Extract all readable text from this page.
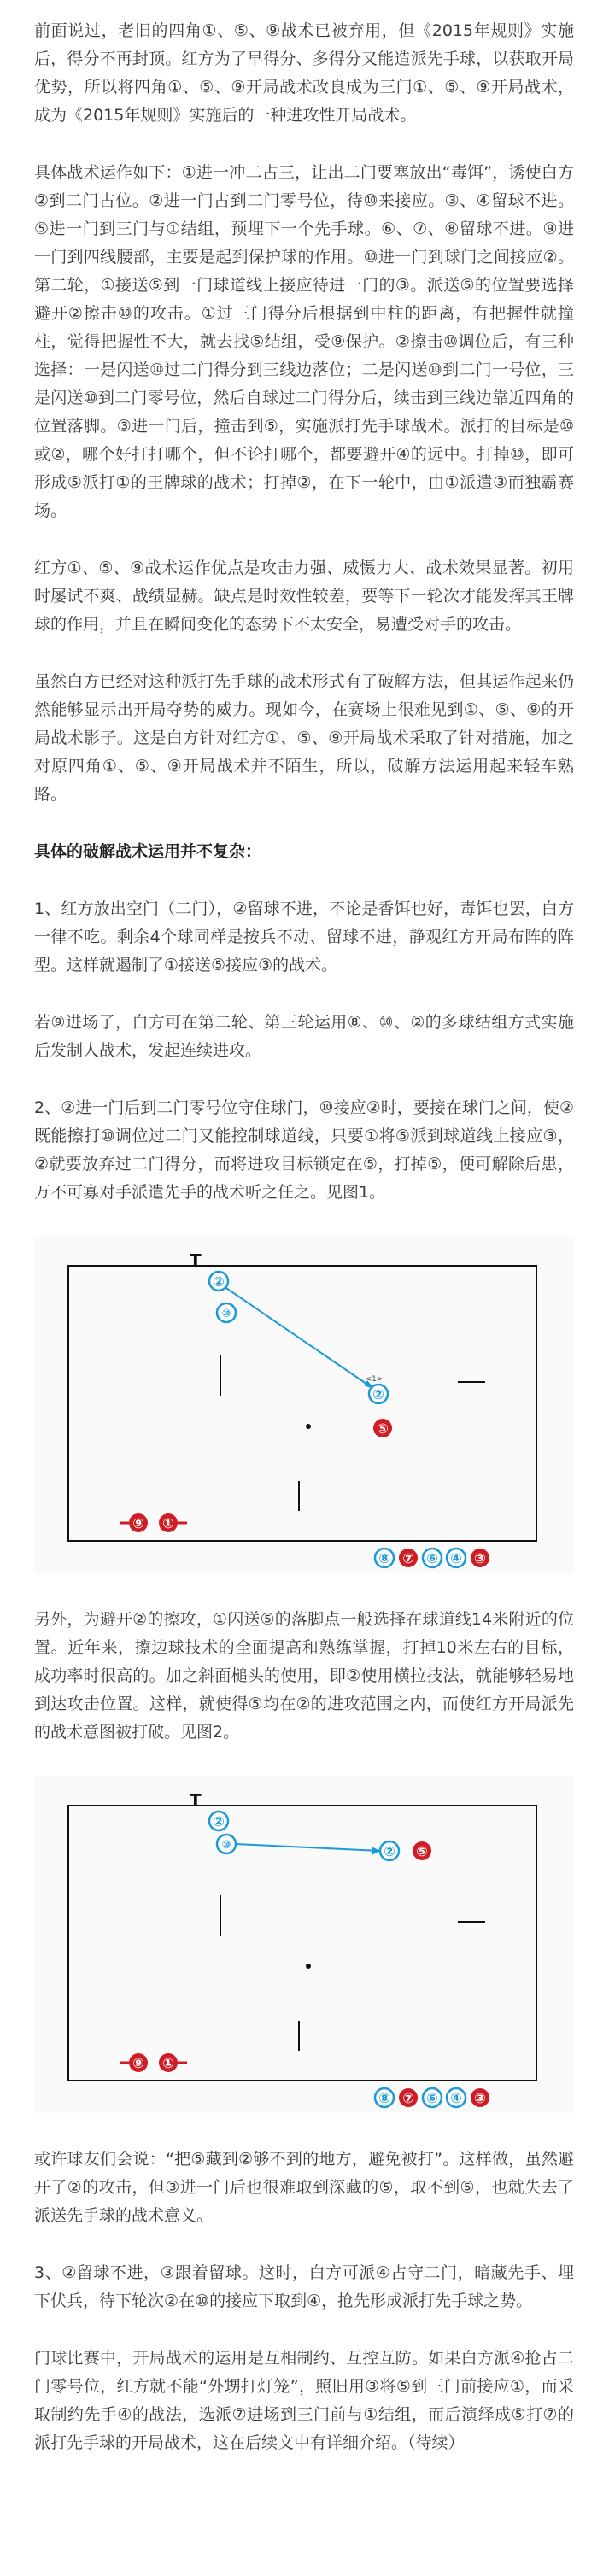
前面说过，老旧的四角①、⑤、⑨战术已被弃用，但《2015年规则》实施后，得分不再封顶。红方为了早得分、多得分又能造派先手球，以获取开局优势，所以将四角①、⑤、⑨开局战术改良成为三门①、⑤、⑨开局战术，成为《2015年规则》实施后的一种进攻性开局战术。

具体战术运作如下：①进一冲二占三，让出二门要塞放出“毒饵”，诱使白方②到二门占位。②进一门占到二门零号位，待⑩来接应。③、④留球不进。⑤进一门到三门与①结组，预埋下一个先手球。⑥、⑦、⑧留球不进。⑨进一门到四线腰部，主要是起到保护球的作用。⑩进一门到球门之间接应②。第二轮，①接送⑤到一门球道线上接应待进一门的③。派送⑤的位置要选择避开②擦击⑩的攻击。①过三门得分后根据到中柱的距离，有把握性就撞柱，觉得把握性不大，就去找⑤结组，受⑨保护。②擦击⑩调位后，有三种选择：一是闪送⑩过二门得分到三线边落位；二是闪送⑩到二门一号位，三是闪送⑩到二门零号位，然后自球过二门得分后，续击到三线边靠近四角的位置落脚。③进一门后，撞击到⑤，实施派打先手球战术。派打的目标是⑩或②，哪个好打打哪个，但不论打哪个，都要避开④的远中。打掉⑩，即可形成⑤派打①的王牌球的战术；打掉②，在下一轮中，由①派遣③而独霸赛场。

红方①、⑤、⑨战术运作优点是攻击力强、威慑力大、战术效果显著。初用时屡试不爽、战绩显赫。缺点是时效性较差，要等下一轮次才能发挥其王牌球的作用，并且在瞬间变化的态势下不太安全，易遭受对手的攻击。

虽然白方已经对这种派打先手球的战术形式有了破解方法，但其运作起来仍然能够显示出开局夺势的威力。现如今，在赛场上很难见到①、⑤、⑨的开局战术影子。这是白方针对红方①、⑤、⑨开局战术采取了针对措施，加之对原四角①、⑤、⑨开局战术并不陌生，所以，破解方法运用起来轻车熟路。

具体的破解战术运用并不复杂：

1、红方放出空门（二门），②留球不进，不论是香饵也好，毒饵也罢，白方一律不吃。剩余4个球同样是按兵不动、留球不进，静观红方开局布阵的阵型。这样就遏制了①接送⑤接应③的战术。

若⑨进场了，白方可在第二轮、第三轮运用⑧、⑩、②的多球结组方式实施后发制人战术，发起连续进攻。

2、②进一门后到二门零号位守住球门，⑩接应②时，要接在球门之间，使②既能擦打⑩调位过二门又能控制球道线，只要①将⑤派到球道线上接应③，②就要放弃过二门得分，而将进攻目标锁定在⑤，打掉⑤，便可解除后患，万不可寡对手派遣先手的战术听之任之。见图1。

T
②
⑩
<1>
②
⑤
⑨ ①
⑧ ⑦ ⑥ ④ ③

另外，为避开②的擦攻，①闪送⑤的落脚点一般选择在球道线14米附近的位置。近年来，擦边球技术的全面提高和熟练掌握，打掉10米左右的目标，成功率时很高的。加之斜面槌头的使用，即②使用横拉技法，就能够轻易地到达攻击位置。这样，就使得⑤均在②的进攻范围之内，而使红方开局派先的战术意图被打破。见图2。

T
②
⑩	② ⑤
⑨ ①
⑧ ⑦ ⑥ ④ ③

或许球友们会说：“把⑤藏到②够不到的地方，避免被打”。这样做，虽然避开了②的攻击，但③进一门后也很难取到深藏的⑤，取不到⑤，也就失去了派送先手球的战术意义。

3、②留球不进，③跟着留球。这时，白方可派④占守二门，暗藏先手、埋下伏兵，待下轮次②在⑩的接应下取到④，抢先形成派打先手球之势。

门球比赛中，开局战术的运用是互相制约、互控互防。如果白方派④抢占二门零号位，红方就不能“外甥打灯笼”，照旧用③将⑤到三门前接应①，而采取制约先手④的战法，选派⑦进场到三门前与①结组，而后演绎成⑤打⑦的派打先手球的开局战术，这在后续文中有详细介绍。（待续）
